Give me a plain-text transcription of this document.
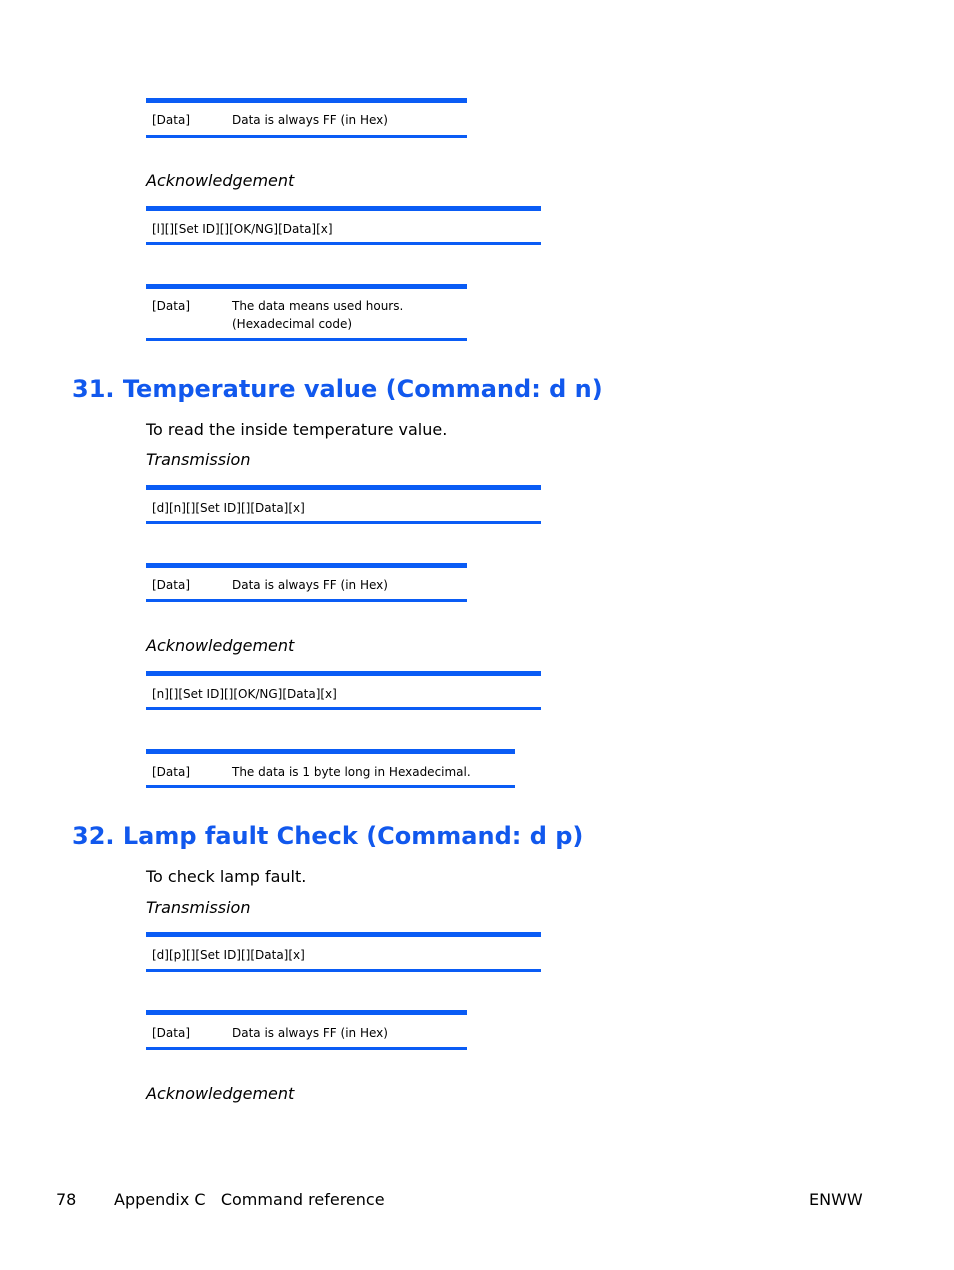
[Data]	Data is always FF (in Hex)
Acknowledgement
[l][][Set ID][][OK/NG][Data][x]
[Data]	The data means used hours.
(Hexadecimal code)
31. Temperature value (Command: d n)
To read the inside temperature value.
Transmission
[d][n][][Set ID][][Data][x]
[Data]	Data is always FF (in Hex)
Acknowledgement
[n][][Set ID][][OK/NG][Data][x]
[Data]	The data is 1 byte long in Hexadecimal.
32. Lamp fault Check (Command: d p)
To check lamp fault.
Transmission
[d][p][][Set ID][][Data][x]
[Data]	Data is always FF (in Hex)
Acknowledgement
78 Appendix C   Command reference	ENWW
